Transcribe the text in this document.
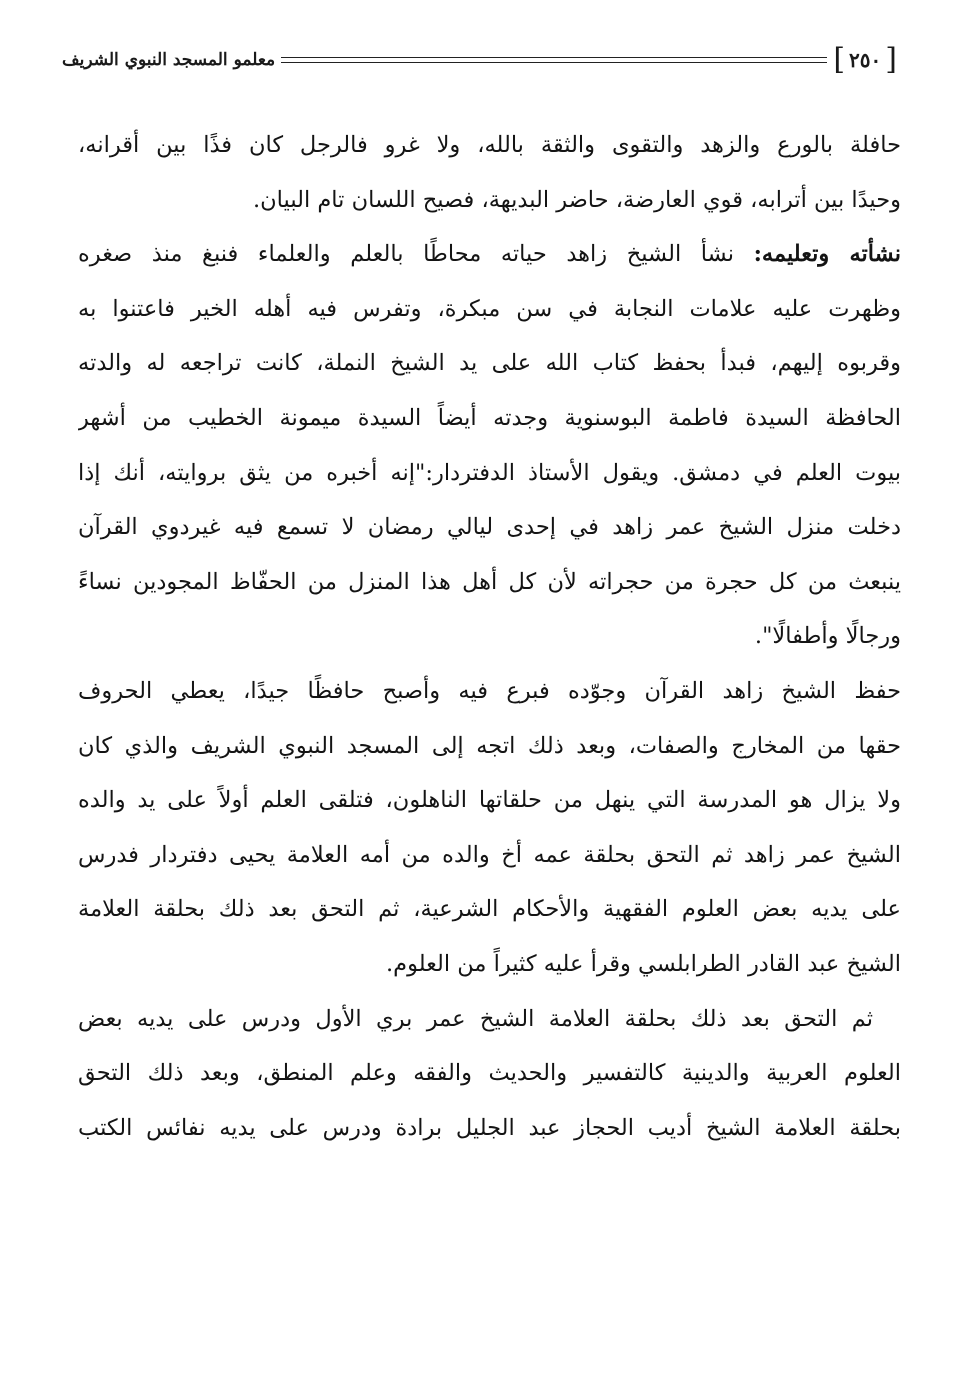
معلمو المسجد النبوي الشريف	[ ٢٥٠ ]

حافلة بالورع والزهد والتقوى والثقة بالله، ولا غرو فالرجل كان فذًا بين أقرانه،
وحيدًا بين أترابه، قوي العارضة، حاضر البديهة، فصيح اللسان تام البيان.

نشأته وتعليمه: نشأ الشيخ زاهد حياته محاطًا بالعلم والعلماء فنبغ منذ صغره
وظهرت عليه علامات النجابة في سن مبكرة، وتفرس فيه أهله الخير فاعتنوا به
وقربوه إليهم، فبدأ بحفظ كتاب الله على يد الشيخ النملة، كانت تراجعه له والدته
الحافظة السيدة فاطمة البوسنوية وجدته أيضاً السيدة ميمونة الخطيب من أشهر
بيوت العلم في دمشق. ويقول الأستاذ الدفتردار:"إنه أخبره من يثق بروايته، أنك إذا
دخلت منزل الشيخ عمر زاهد في إحدى ليالي رمضان لا تسمع فيه غيردوي القرآن
ينبعث من كل حجرة من حجراته لأن كل أهل هذا المنزل من الحفّاظ المجودين نساءً
ورجالًا وأطفالًا".

حفظ الشيخ زاهد القرآن وجوّده فبرع فيه وأصبح حافظًا جيدًا، يعطي الحروف
حقها من المخارج والصفات، وبعد ذلك اتجه إلى المسجد النبوي الشريف والذي كان
ولا يزال هو المدرسة التي ينهل من حلقاتها الناهلون، فتلقى العلم أولاً على يد والده
الشيخ عمر زاهد ثم التحق بحلقة عمه أخ والده من أمه العلامة يحيى دفتردار فدرس
على يديه بعض العلوم الفقهية والأحكام الشرعية، ثم التحق بعد ذلك بحلقة العلامة
الشيخ عبد القادر الطرابلسي وقرأ عليه كثيراً من العلوم.

ثم التحق بعد ذلك بحلقة العلامة الشيخ عمر بري الأول ودرس على يديه بعض
العلوم العربية والدينية كالتفسير والحديث والفقه وعلم المنطق، وبعد ذلك التحق
بحلقة العلامة الشيخ أديب الحجاز عبد الجليل برادة ودرس على يديه نفائس الكتب
